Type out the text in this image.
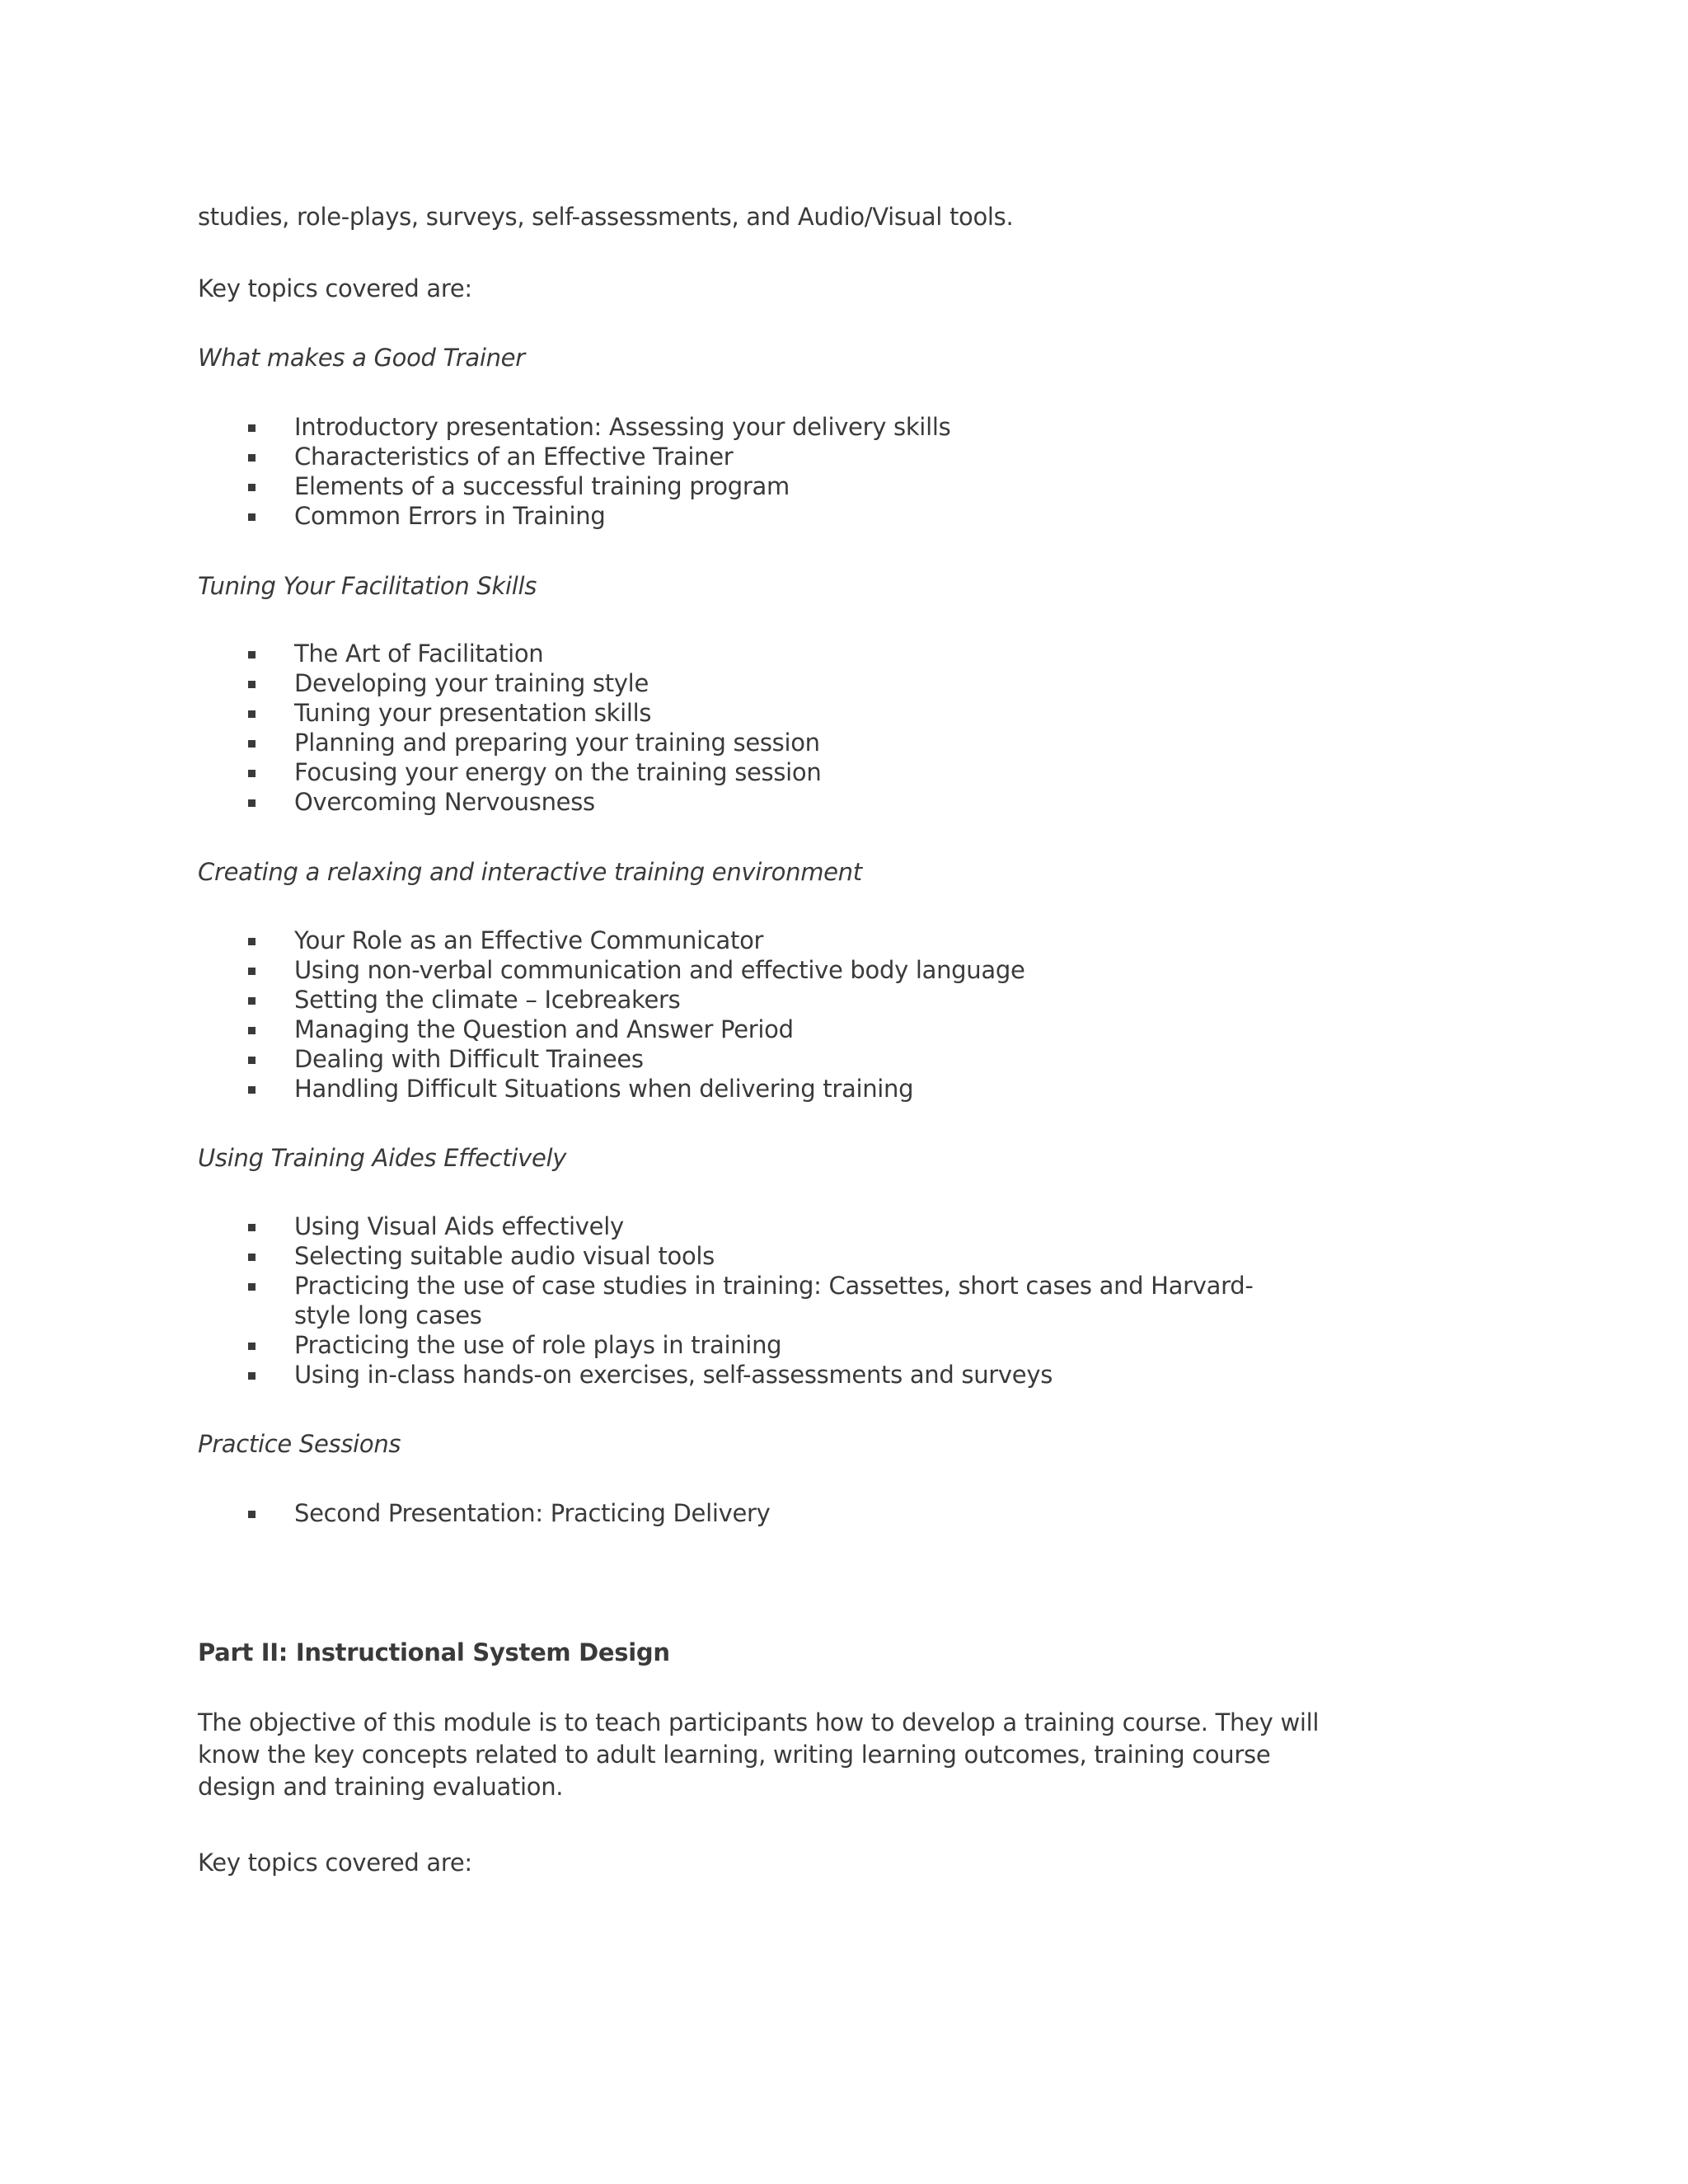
studies, role-plays, surveys, self-assessments, and Audio/Visual tools.
Key topics covered are:
What makes a Good Trainer
Introductory presentation: Assessing your delivery skills
Characteristics of an Effective Trainer
Elements of a successful training program
Common Errors in Training
Tuning Your Facilitation Skills
The Art of Facilitation
Developing your training style
Tuning your presentation skills
Planning and preparing your training session
Focusing your energy on the training session
Overcoming Nervousness
Creating a relaxing and interactive training environment
Your Role as an Effective Communicator
Using non-verbal communication and effective body language
Setting the climate – Icebreakers
Managing the Question and Answer Period
Dealing with Difficult Trainees
Handling Difficult Situations when delivering training
Using Training Aides Effectively
Using Visual Aids effectively
Selecting suitable audio visual tools
Practicing the use of case studies in training: Cassettes, short cases and Harvard-style long cases
Practicing the use of role plays in training
Using in-class hands-on exercises, self-assessments and surveys
Practice Sessions
Second Presentation: Practicing Delivery
Part II: Instructional System Design
The objective of this module is to teach participants how to develop a training course. They will know the key concepts related to adult learning, writing learning outcomes, training course design and training evaluation.
Key topics covered are:
